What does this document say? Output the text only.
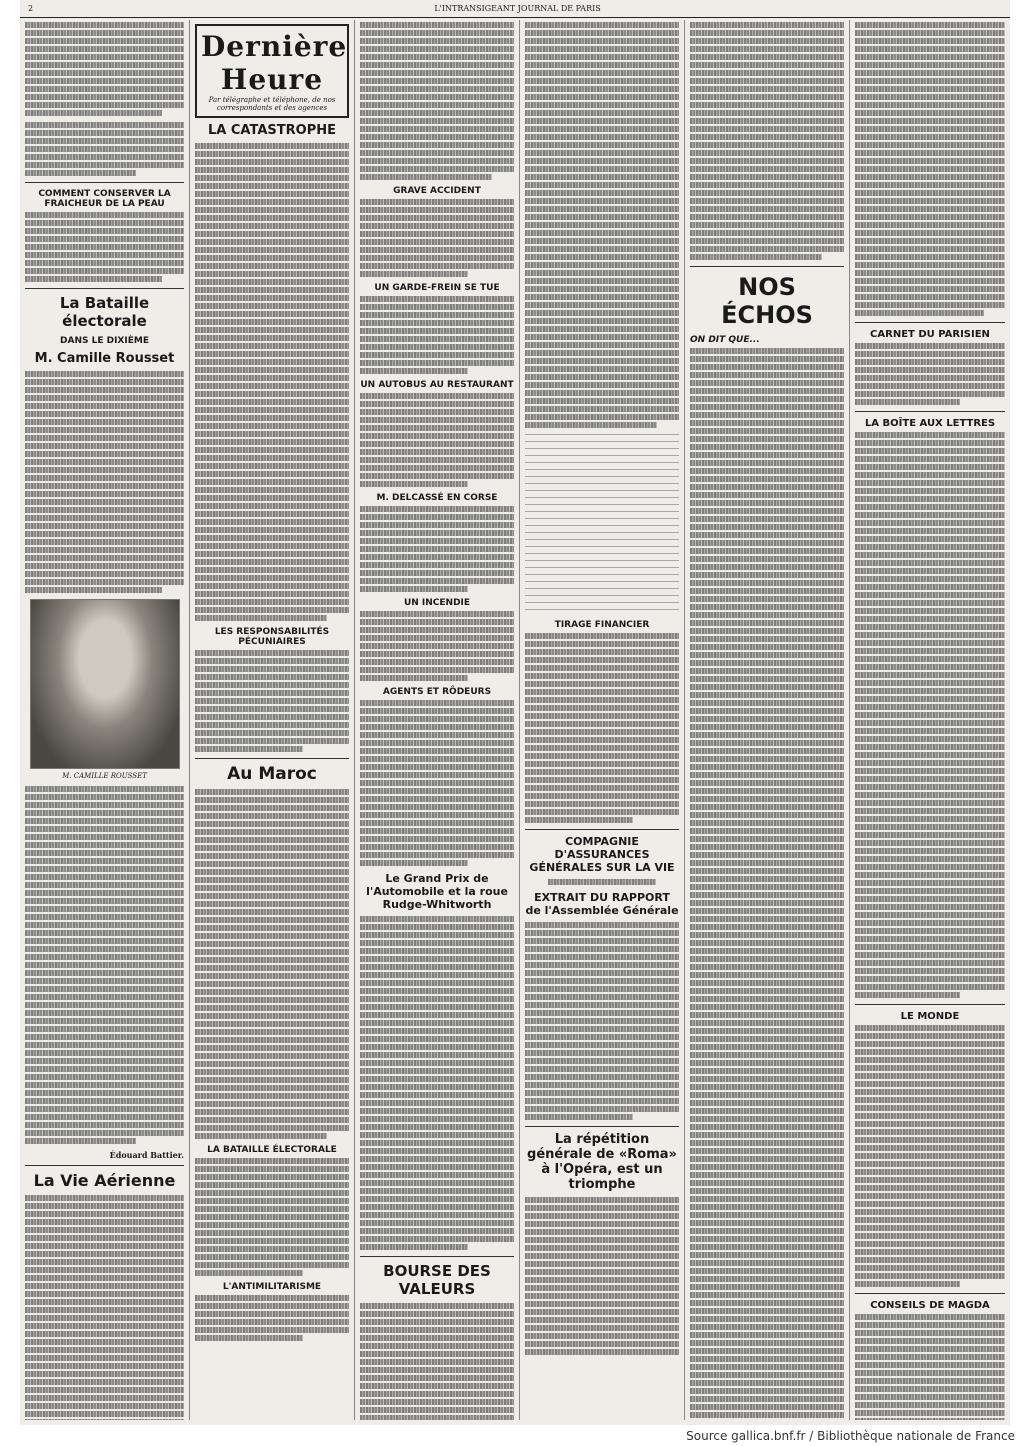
2	L'INTRANSIGEANT JOURNAL DE PARIS
COMMENT CONSERVER LA FRAICHEUR DE LA PEAU
La Bataille électorale
DANS LE DIXIÈME
M. Camille Rousset
M. CAMILLE ROUSSET
Édouard Battier.
La Vie Aérienne
Dernière Heure
Par télégraphe et téléphone, de nos correspondants et des agences
LA CATASTROPHE
LES RESPONSABILITÉS PÉCUNIAIRES
Au Maroc
LA BATAILLE ÉLECTORALE
L'ANTIMILITARISME
GRAVE ACCIDENT
UN GARDE-FREIN SE TUE
UN AUTOBUS AU RESTAURANT
M. DELCASSÉ EN CORSE
UN INCENDIE
AGENTS ET RÔDEURS
Le Grand Prix de l'Automobile et la roue Rudge-Whitworth
BOURSE DES VALEURS
TIRAGE FINANCIER
COMPAGNIE D'ASSURANCES GÉNÉRALES SUR LA VIE
EXTRAIT DU RAPPORT de l'Assemblée Générale
La répétition générale de «Roma» à l'Opéra, est un triomphe
NOS ÉCHOS
ON DIT QUE...	CARNET DU PARISIEN
LA BOÎTE AUX LETTRES
LE MONDE
CONSEILS DE MAGDA
Source gallica.bnf.fr / Bibliothèque nationale de France
